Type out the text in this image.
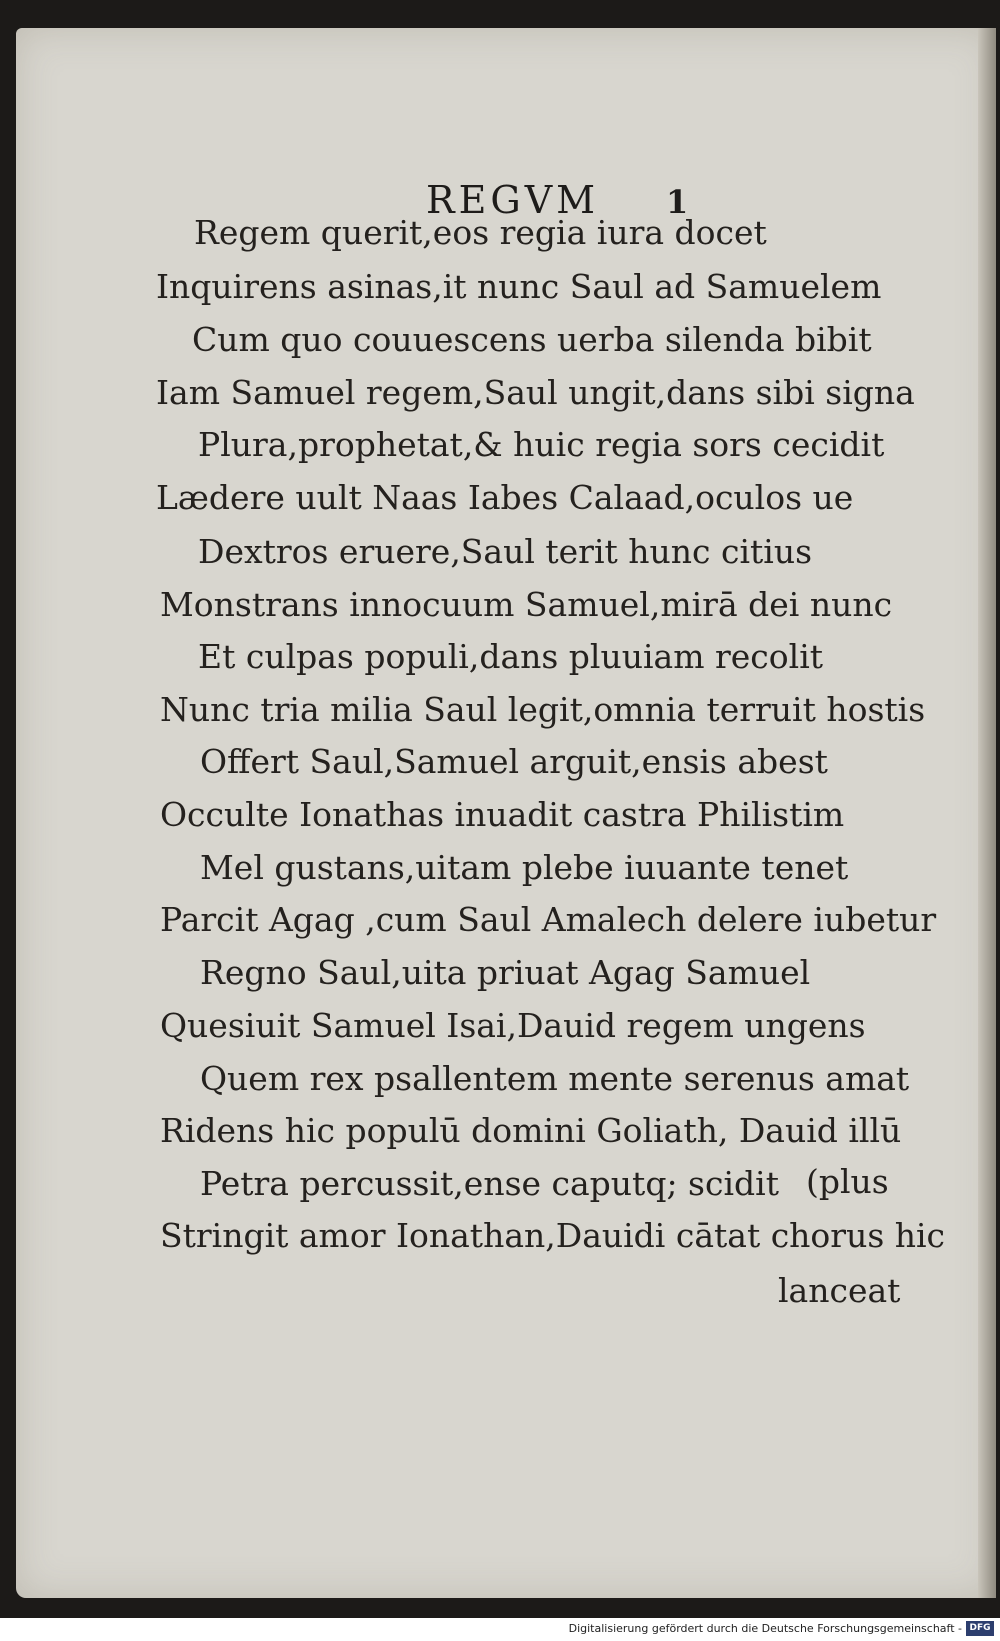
REGVM 1
Regem querit,eos regia iura docet
Inquirens asinas,it nunc Saul ad Samuelem
Cum quo couuescens uerba silenda bibit
Iam Samuel regem,Saul ungit,dans sibi signa
Plura,prophetat,& huic regia sors cecidit
Lædere uult Naas Iabes Calaad,oculos ue
Dextros eruere,Saul terit hunc citius
Monstrans innocuum Samuel,mirā dei nunc
Et culpas populi,dans pluuiam recolit
Nunc tria milia Saul legit,omnia terruit hostis
Offert Saul,Samuel arguit,ensis abest
Occulte Ionathas inuadit castra Philistim
Mel gustans,uitam plebe iuuante tenet
Parcit Agag ,cum Saul Amalech delere iubetur
Regno Saul,uita priuat Agag Samuel
Quesiuit Samuel Isai,Dauid regem ungens
Quem rex psallentem mente serenus amat
Ridens hic populū domini Goliath, Dauid illū
Petra percussit,ense caputq; scidit (plus
Stringit amor Ionathan,Dauidi cātat chorus hic
lanceat
Digitalisierung gefördert durch die Deutsche Forschungsgemeinschaft - DFG
